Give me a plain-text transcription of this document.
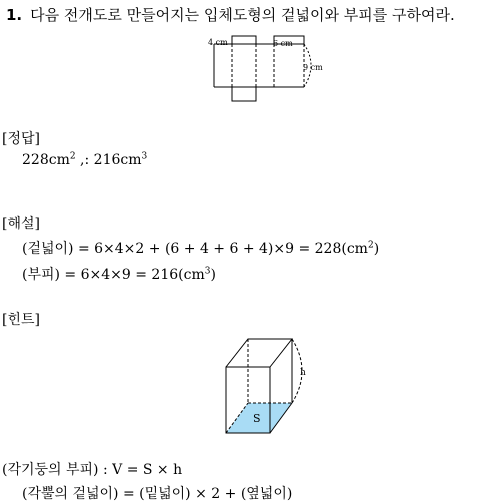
1. 다음 전개도로 만들어지는 입체도형의 겉넓이와 부피를 구하여라.
4 cm	6 cm
9 cm
[정답]
$228cm^2$ ,: $216cm^3$
[해설]
(겉넓이) = $6\times 4\times 2 + (6 + 4 + 6 + 4)\times 9 = 228(cm^2)$
(부피) = $6\times 4\times 9 = 216(cm^3)$
[힌트]
S
h
(각기둥의 부피) : V = S × h
(각뿔의 겉넓이) = (밑넓이) × 2 + (옆넓이)
